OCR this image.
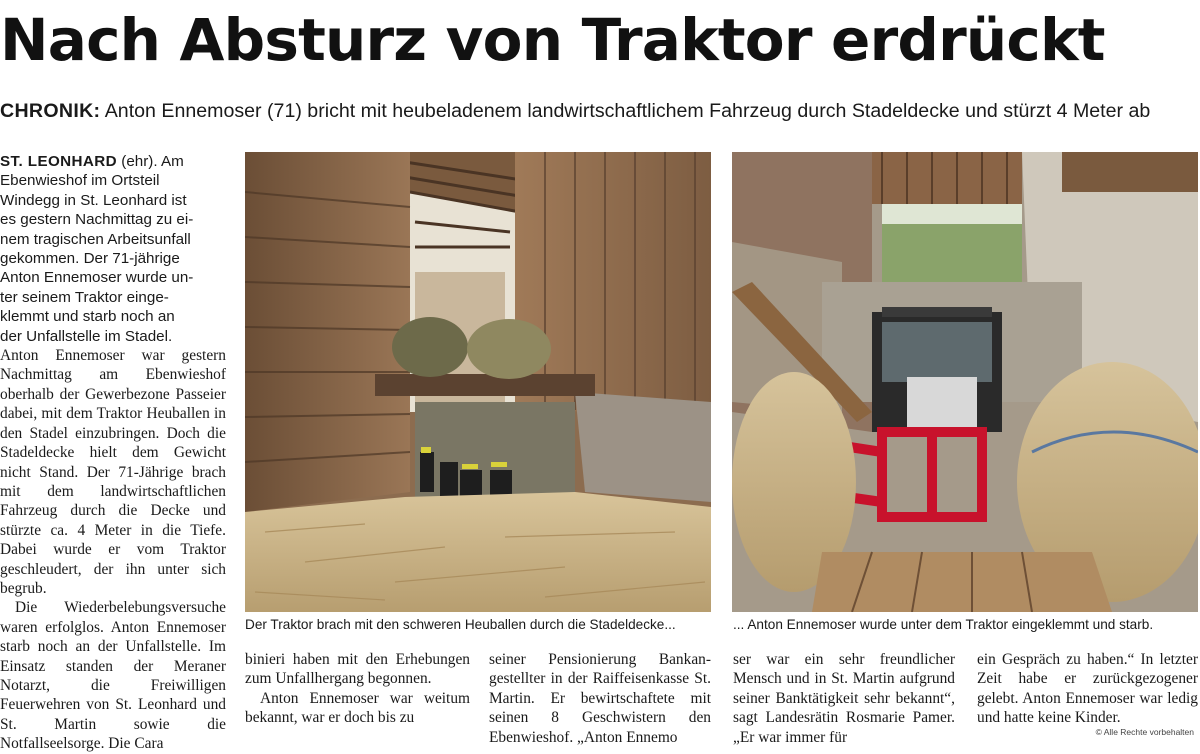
Nach Absturz von Traktor erdrückt
CHRONIK: Anton Ennemoser (71) bricht mit heubeladenem landwirtschaftlichem Fahrzeug durch Stadeldecke und stürzt 4 Meter ab

ST. LEONHARD (ehr). Am
Ebenwieshof im Ortsteil
Windegg in St. Leonhard ist
es gestern Nachmittag zu ei-
nem tragischen Arbeitsunfall
gekommen. Der 71-jährige
Anton Ennemoser wurde un-
ter seinem Traktor einge-
klemmt und starb noch an
der Unfallstelle im Stadel.

Anton Ennemoser war gestern Nachmittag am Ebenwieshof oberhalb der Gewerbezone Passeier dabei, mit dem Traktor Heuballen in den Stadel einzubringen. Doch die Stadeldecke hielt dem Gewicht nicht Stand. Der 71-Jährige brach mit dem landwirtschaftlichen Fahrzeug durch die Decke und stürzte ca. 4 Meter in die Tiefe. Dabei wurde er vom Traktor geschleudert, der ihn unter sich begrub.

Die Wiederbelebungsversuche waren erfolglos. Anton Ennemoser starb noch an der Unfallstelle. Im Einsatz standen der Meraner Notarzt, die Freiwilligen Feuerwehren von St. Leonhard und St. Martin sowie die Notfallseelsorge. Die Cara

Der Traktor brach mit den schweren Heuballen durch die Stadeldecke...	... Anton Ennemoser wurde unter dem Traktor eingeklemmt und starb.

binieri haben mit den Erhebungen zum Unfallhergang begonnen.

Anton Ennemoser war weitum bekannt, war er doch bis zu

seiner Pensionierung Bankangestellter in der Raiffeisenkasse St. Martin. Er bewirtschaftete mit seinen 8 Geschwistern den Ebenwieshof. „Anton Ennemo

ser war ein sehr freundlicher Mensch und in St. Martin aufgrund seiner Banktätigkeit sehr bekannt“, sagt Landesrätin Rosmarie Pamer. „Er war immer für

ein Gespräch zu haben.“ In letzter Zeit habe er zurückgezogener gelebt. Anton Ennemoser war ledig und hatte keine Kinder.

© Alle Rechte vorbehalten
